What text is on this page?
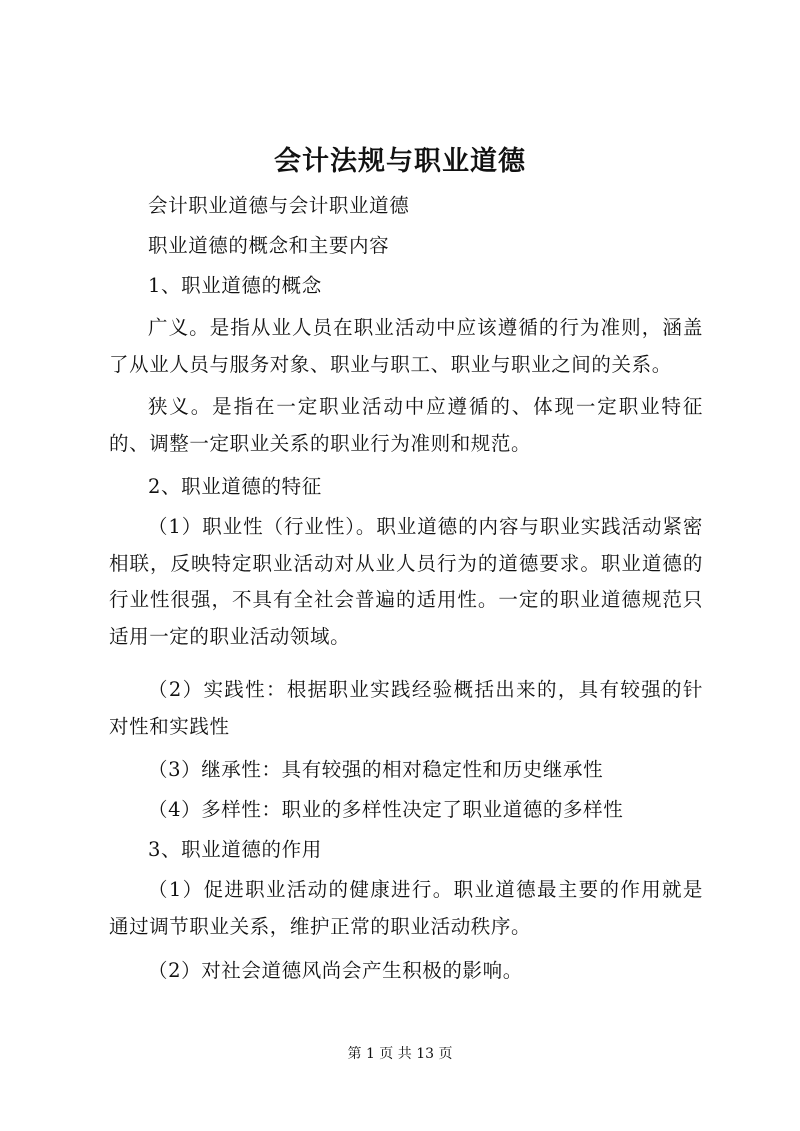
会计法规与职业道德
会计职业道德与会计职业道德
职业道德的概念和主要内容
1、职业道德的概念
广义。是指从业人员在职业活动中应该遵循的行为准则，涵盖了从业人员与服务对象、职业与职工、职业与职业之间的关系。
狭义。是指在一定职业活动中应遵循的、体现一定职业特征的、调整一定职业关系的职业行为准则和规范。
2、职业道德的特征
（1）职业性（行业性）。职业道德的内容与职业实践活动紧密相联，反映特定职业活动对从业人员行为的道德要求。职业道德的行业性很强，不具有全社会普遍的适用性。一定的职业道德规范只适用一定的职业活动领域。
（2）实践性：根据职业实践经验概括出来的，具有较强的针对性和实践性
（3）继承性：具有较强的相对稳定性和历史继承性
（4）多样性：职业的多样性决定了职业道德的多样性
3、职业道德的作用
（1）促进职业活动的健康进行。职业道德最主要的作用就是通过调节职业关系，维护正常的职业活动秩序。
（2）对社会道德风尚会产生积极的影响。
第 1 页 共 13 页
